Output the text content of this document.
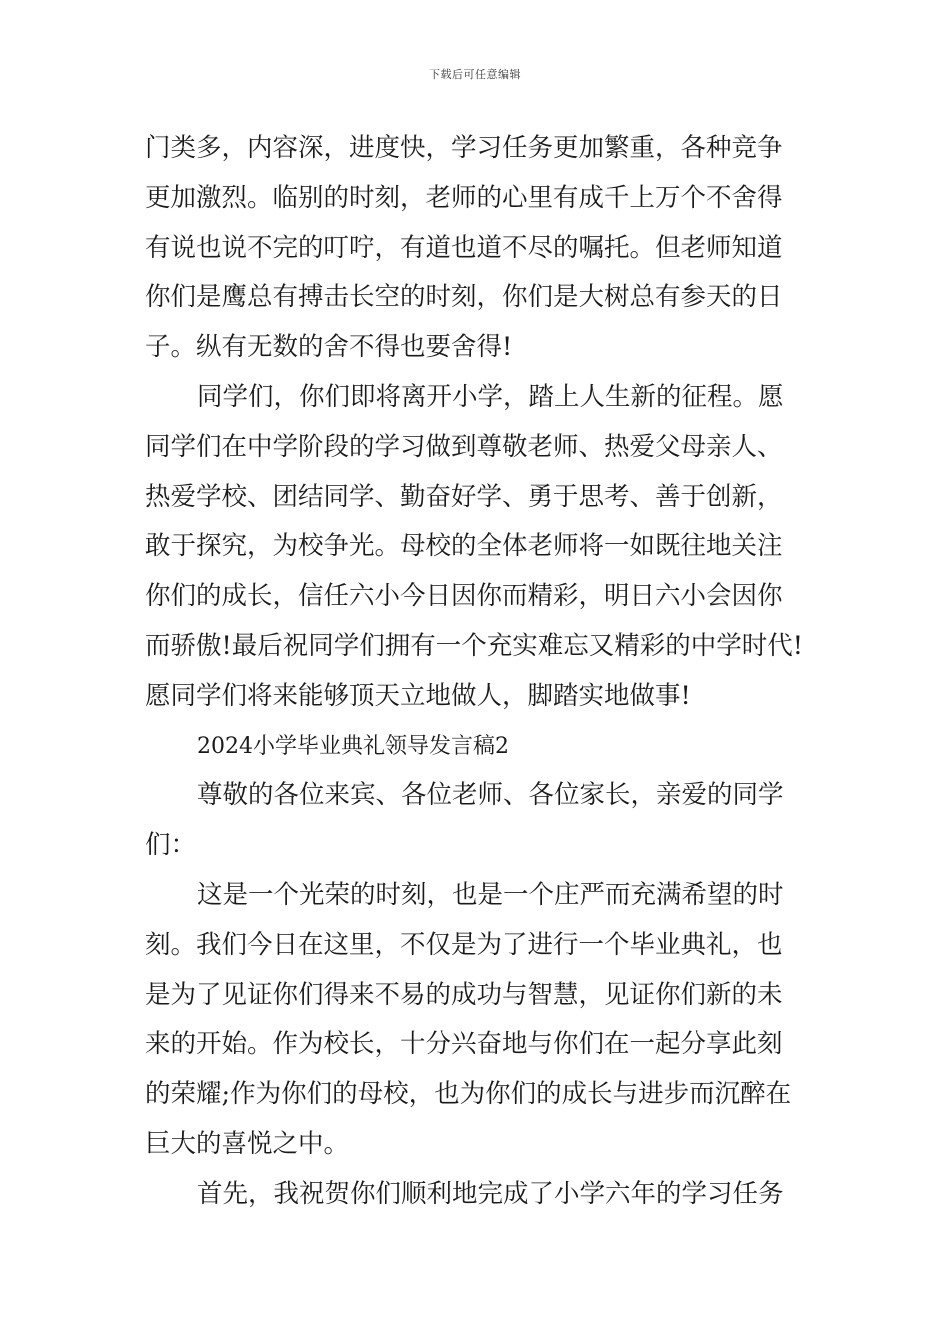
下载后可任意编辑
门类多，内容深，进度快，学习任务更加繁重，各种竞争
更加激烈。临别的时刻，老师的心里有成千上万个不舍得
有说也说不完的叮咛，有道也道不尽的嘱托。但老师知道
你们是鹰总有搏击长空的时刻，你们是大树总有参天的日
子。纵有无数的舍不得也要舍得!
同学们，你们即将离开小学，踏上人生新的征程。愿
同学们在中学阶段的学习做到尊敬老师、热爱父母亲人、
热爱学校、团结同学、勤奋好学、勇于思考、善于创新，
敢于探究，为校争光。母校的全体老师将一如既往地关注
你们的成长，信任六小今日因你而精彩，明日六小会因你
而骄傲!最后祝同学们拥有一个充实难忘又精彩的中学时代!
愿同学们将来能够顶天立地做人，脚踏实地做事!
2024小学毕业典礼领导发言稿2
尊敬的各位来宾、各位老师、各位家长，亲爱的同学
们：
这是一个光荣的时刻，也是一个庄严而充满希望的时
刻。我们今日在这里，不仅是为了进行一个毕业典礼，也
是为了见证你们得来不易的成功与智慧，见证你们新的未
来的开始。作为校长，十分兴奋地与你们在一起分享此刻
的荣耀;作为你们的母校，也为你们的成长与进步而沉醉在
巨大的喜悦之中。
首先，我祝贺你们顺利地完成了小学六年的学习任务
